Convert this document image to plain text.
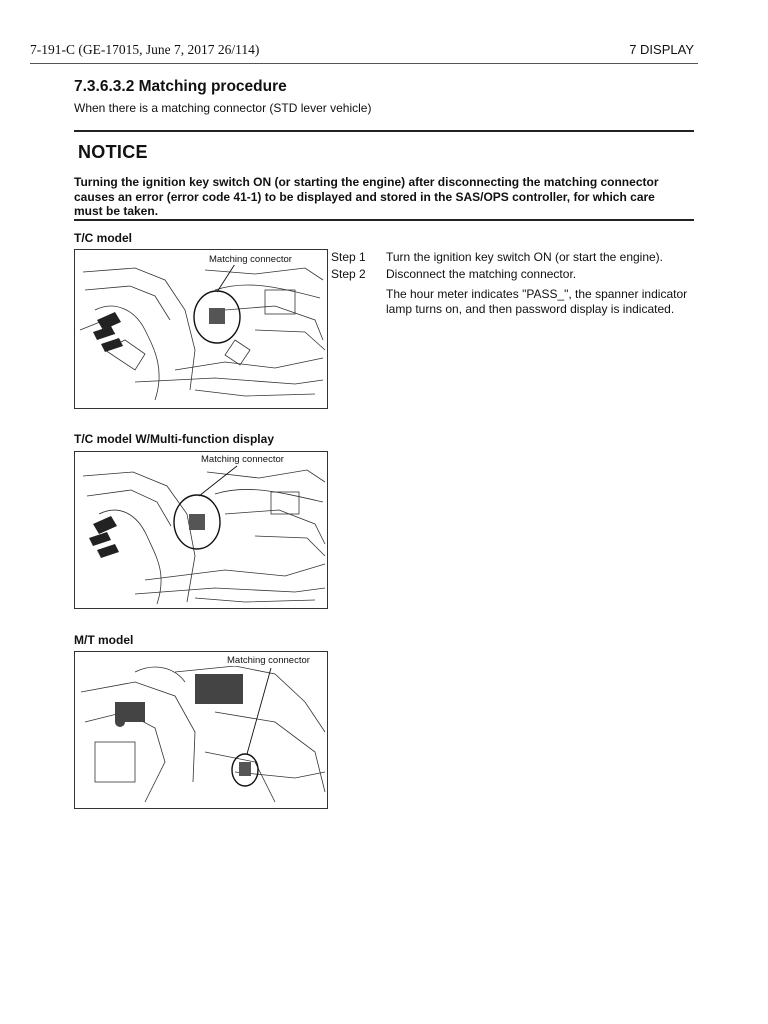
7-191-C (GE-17015, June 7, 2017 26/114)	7 DISPLAY
7.3.6.3.2 Matching procedure
When there is a matching connector (STD lever vehicle)
NOTICE
Turning the ignition key switch ON (or starting the engine) after disconnecting the matching connector causes an error (error code 41-1) to be displayed and stored in the SAS/OPS controller, for which care must be taken.
T/C model
Matching connector	Step 1	Turn the ignition key switch ON (or start the engine).
Step 2	Disconnect the matching connector.
The hour meter indicates "PASS_", the spanner indicator lamp turns on, and then password display is indicated.
T/C model W/Multi-function display
Matching connector
M/T model
Matching connector
